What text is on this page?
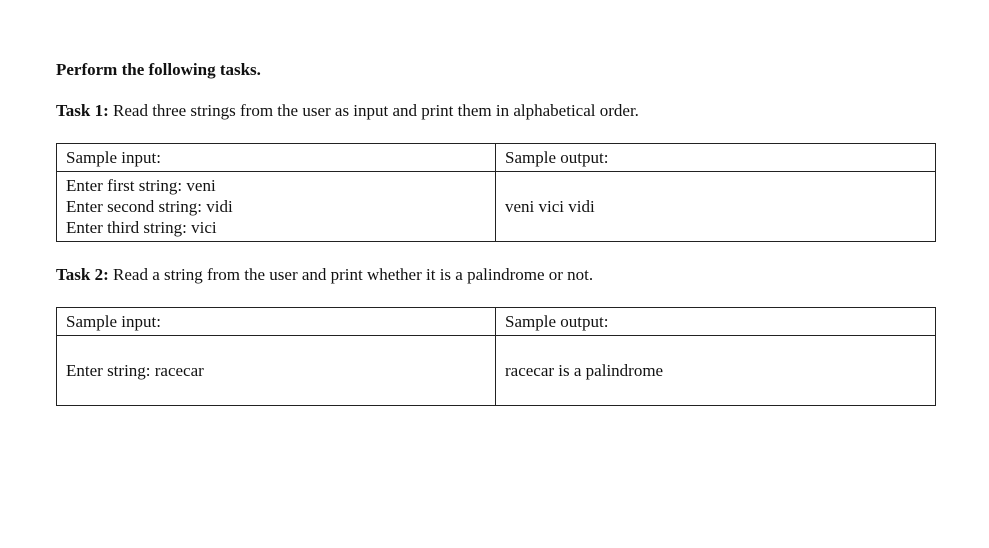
Perform the following tasks.
Task 1: Read three strings from the user as input and print them in alphabetical order.
Sample input:	Sample output:

Enter first string: veni
Enter second string: vidi
Enter third string: vici	veni vici vidi
Task 2: Read a string from the user and print whether it is a palindrome or not.
Sample input:	Sample output:

Enter string: racecar	racecar is a palindrome
